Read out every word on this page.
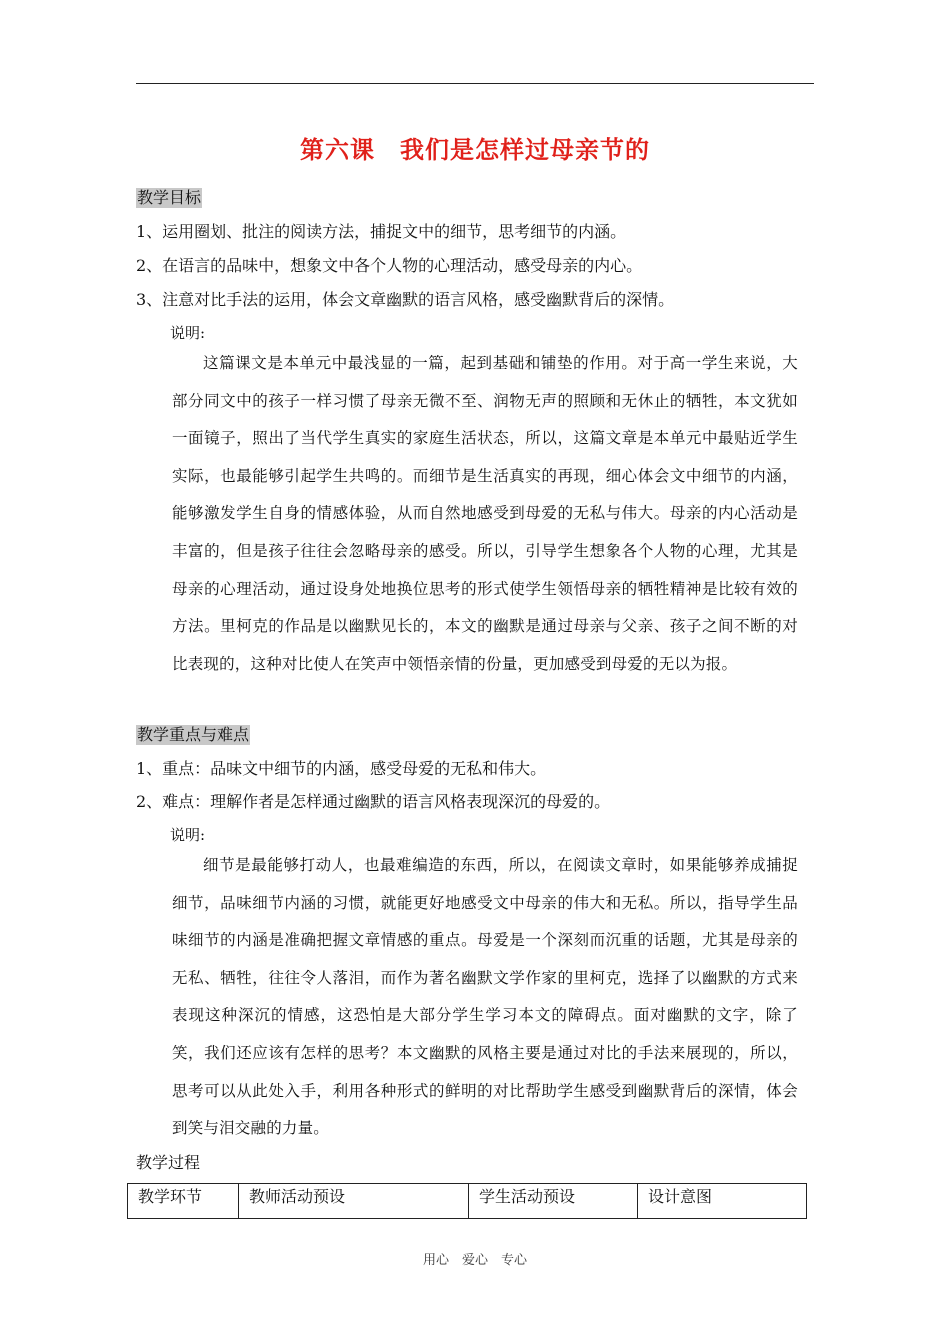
第六课　我们是怎样过母亲节的
教学目标
1、运用圈划、批注的阅读方法，捕捉文中的细节，思考细节的内涵。
2、在语言的品味中，想象文中各个人物的心理活动，感受母亲的内心。
3、注意对比手法的运用，体会文章幽默的语言风格，感受幽默背后的深情。
说明:
这篇课文是本单元中最浅显的一篇，起到基础和铺垫的作用。对于高一学生来说，大部分同文中的孩子一样习惯了母亲无微不至、润物无声的照顾和无休止的牺牲，本文犹如一面镜子，照出了当代学生真实的家庭生活状态，所以，这篇文章是本单元中最贴近学生实际，也最能够引起学生共鸣的。而细节是生活真实的再现，细心体会文中细节的内涵，能够激发学生自身的情感体验，从而自然地感受到母爱的无私与伟大。母亲的内心活动是丰富的，但是孩子往往会忽略母亲的感受。所以，引导学生想象各个人物的心理，尤其是母亲的心理活动，通过设身处地换位思考的形式使学生领悟母亲的牺牲精神是比较有效的方法。里柯克的作品是以幽默见长的，本文的幽默是通过母亲与父亲、孩子之间不断的对比表现的，这种对比使人在笑声中领悟亲情的份量，更加感受到母爱的无以为报。
教学重点与难点
1、重点：品味文中细节的内涵，感受母爱的无私和伟大。
2、难点：理解作者是怎样通过幽默的语言风格表现深沉的母爱的。
说明:
细节是最能够打动人，也最难编造的东西，所以，在阅读文章时，如果能够养成捕捉细节，品味细节内涵的习惯，就能更好地感受文中母亲的伟大和无私。所以，指导学生品味细节的内涵是准确把握文章情感的重点。母爱是一个深刻而沉重的话题，尤其是母亲的无私、牺牲，往往令人落泪，而作为著名幽默文学作家的里柯克，选择了以幽默的方式来表现这种深沉的情感，这恐怕是大部分学生学习本文的障碍点。面对幽默的文字，除了笑，我们还应该有怎样的思考？本文幽默的风格主要是通过对比的手法来展现的，所以，思考可以从此处入手，利用各种形式的鲜明的对比帮助学生感受到幽默背后的深情，体会到笑与泪交融的力量。
教学过程
教学环节	教师活动预设	学生活动预设	设计意图
用心　爱心　专心
